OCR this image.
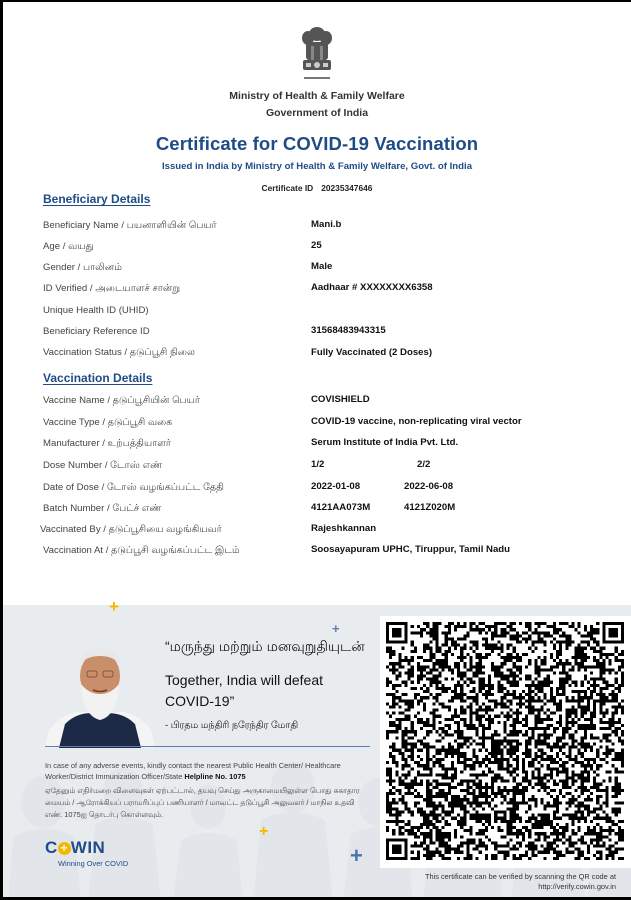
Ministry of Health & Family Welfare
Government of India
Certificate for COVID-19 Vaccination
Issued in India by Ministry of Health & Family Welfare, Govt. of India
Certificate ID 20235347646
Beneficiary Details
Beneficiary Name / பயனாளியின் பெயர்	Mani.b
Age / வயது	25
Gender / பாலினம்	Male
ID Verified / அடையாளச் சான்று	Aadhaar # XXXXXXXX6358
Unique Health ID (UHID)
Beneficiary Reference ID	31568483943315
Vaccination Status / தடுப்பூசி நிலை	Fully Vaccinated (2 Doses)
Vaccination Details
Vaccine Name / தடுப்பூசியின் பெயர்	COVISHIELD
Vaccine Type / தடுப்பூசி வகை	COVID-19 vaccine, non-replicating viral vector
Manufacturer / உற்பத்தியாளர்	Serum Institute of India Pvt. Ltd.
Dose Number / டோஸ் எண்	1/2	2/2
Date of Dose / டோஸ் வழங்கப்பட்ட தேதி	2022-01-08	2022-06-08
Batch Number / பேட்ச் எண்	4121AA073M	4121Z020M
Vaccinated By / தடுப்பூசியை வழங்கியவர்	Rajeshkannan
Vaccination At / தடுப்பூசி வழங்கப்பட்ட இடம்	Soosayapuram UPHC, Tiruppur, Tamil Nadu
+
+
+
+
“மருந்து மற்றும் மனவுறுதியுடன்
Together, India will defeat COVID-19”
- பிரதம மந்திரி நரேந்திர மோதி
In case of any adverse events, kindly contact the nearest Public Health Center/ Healthcare Worker/District Immunization Officer/State Helpline No. 1075
ஏதேனும் எதிர்மறை விளைவுகள் ஏற்பட்டால், தயவு செய்து அருகாமையிலுள்ள பொது சுகாதார மையம் / ஆரோக்கியப் பராமரிப்புப் பணியாளர் / மாவட்ட தடுப்பூசி அலுவலர் / மாநில உதவி எண். 1075ஐ தொடர்பு கொள்ளவும்.
C + WIN
Winning Over COVID
This certificate can be verified by scanning the QR code at
http://verify.cowin.gov.in
